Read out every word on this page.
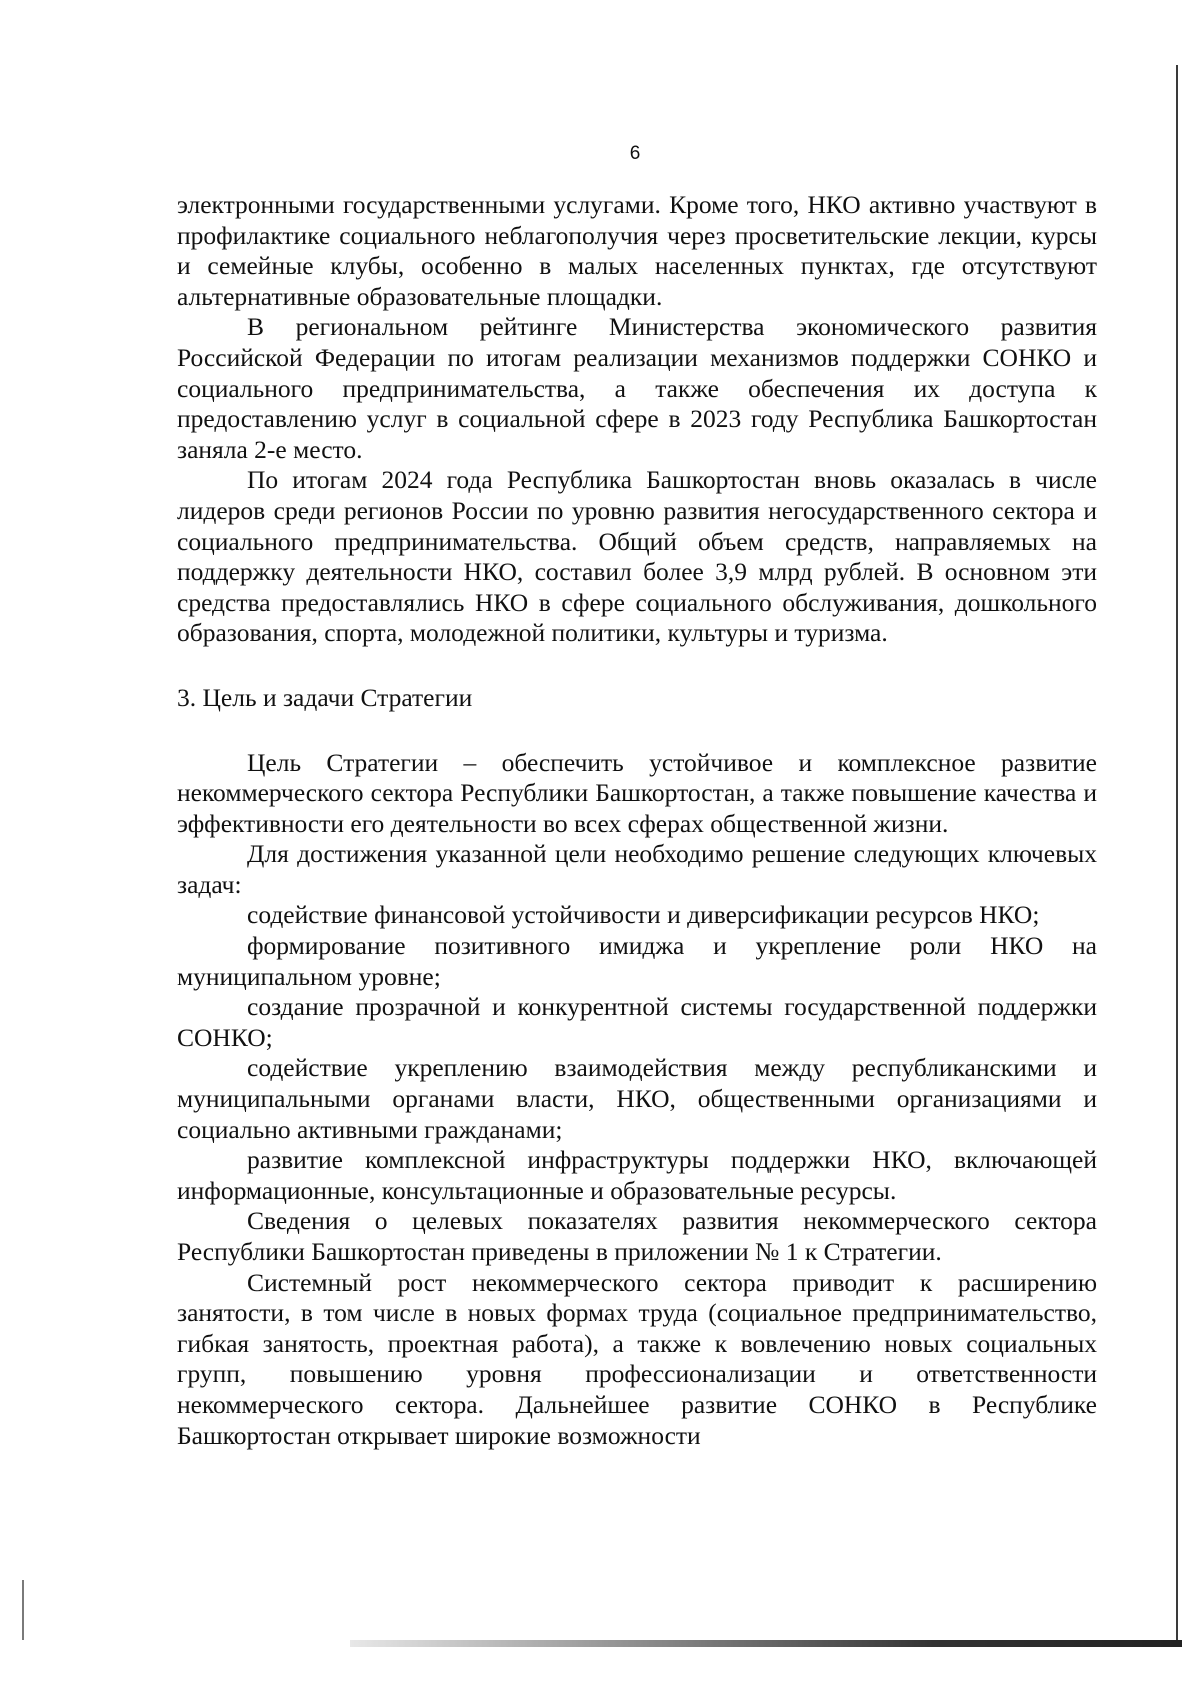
6

электронными государственными услугами. Кроме того, НКО активно участвуют в профилактике социального неблагополучия через просветительские лекции, курсы и семейные клубы, особенно в малых населенных пунктах, где отсутствуют альтернативные образовательные площадки.

В региональном рейтинге Министерства экономического развития Российской Федерации по итогам реализации механизмов поддержки СОНКО и социального предпринимательства, а также обеспечения их доступа к предоставлению услуг в социальной сфере в 2023 году Республика Башкортостан заняла 2-е место.

По итогам 2024 года Республика Башкортостан вновь оказалась в числе лидеров среди регионов России по уровню развития негосударственного сектора и социального предпринимательства. Общий объем средств, направляемых на поддержку деятельности НКО, составил более 3,9 млрд рублей. В основном эти средства предоставлялись НКО в сфере социального обслуживания, дошкольного образования, спорта, молодежной политики, культуры и туризма.

3. Цель и задачи Стратегии

Цель Стратегии – обеспечить устойчивое и комплексное развитие некоммерческого сектора Республики Башкортостан, а также повышение качества и эффективности его деятельности во всех сферах общественной жизни.

Для достижения указанной цели необходимо решение следующих ключевых задач:

содействие финансовой устойчивости и диверсификации ресурсов НКО;

формирование позитивного имиджа и укрепление роли НКО на муниципальном уровне;

создание прозрачной и конкурентной системы государственной поддержки СОНКО;

содействие укреплению взаимодействия между республиканскими и муниципальными органами власти, НКО, общественными организациями и социально активными гражданами;

развитие комплексной инфраструктуры поддержки НКО, включающей информационные, консультационные и образовательные ресурсы.

Сведения о целевых показателях развития некоммерческого сектора Республики Башкортостан приведены в приложении № 1 к Стратегии.

Системный рост некоммерческого сектора приводит к расширению занятости, в том числе в новых формах труда (социальное предпринимательство, гибкая занятость, проектная работа), а также к вовлечению новых социальных групп, повышению уровня профессионализации и ответственности некоммерческого сектора. Дальнейшее развитие СОНКО в Республике Башкортостан открывает широкие возможности
